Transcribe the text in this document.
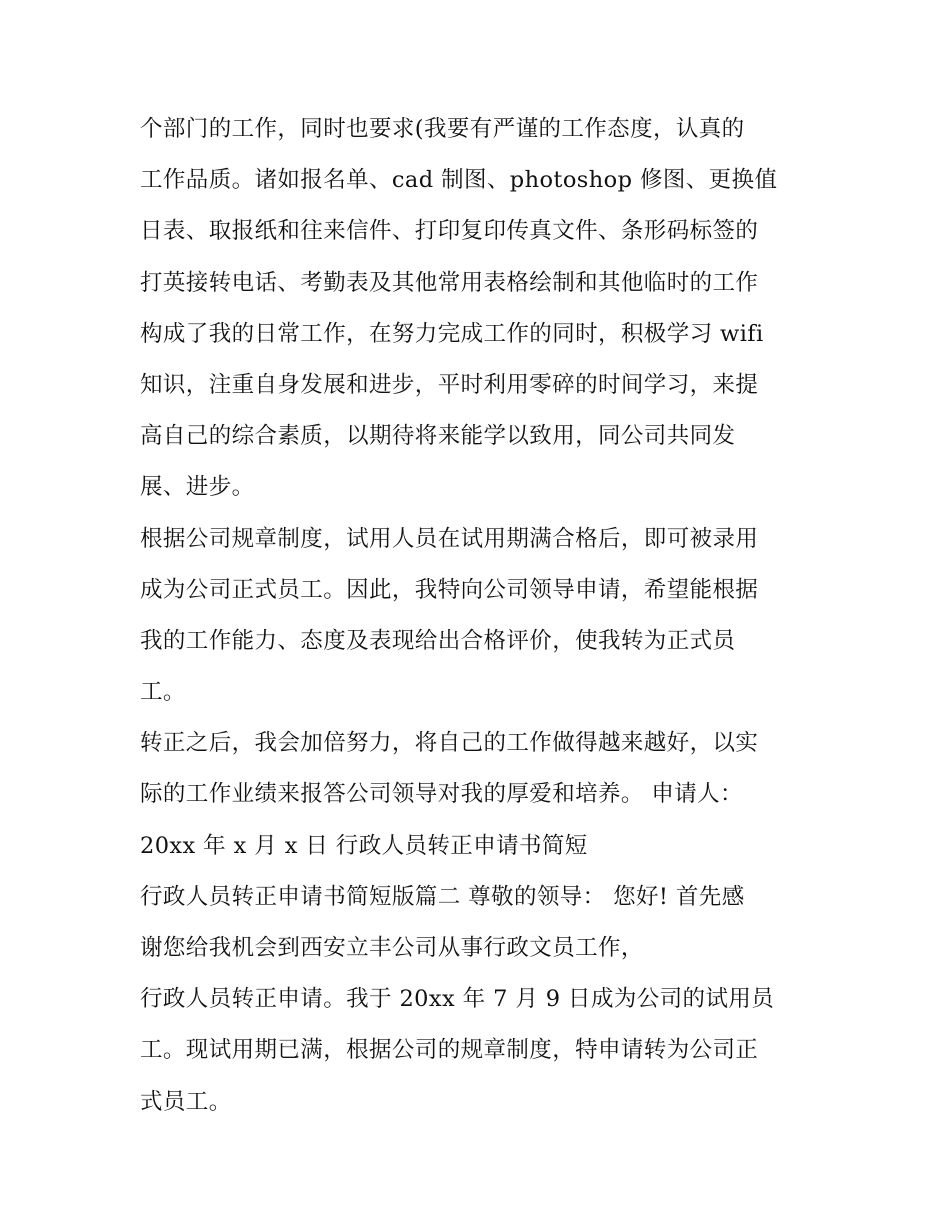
个部门的工作，同时也要求(我要有严谨的工作态度，认真的
工作品质。诸如报名单、cad 制图、photoshop 修图、更换值
日表、取报纸和往来信件、打印复印传真文件、条形码标签的
打英接转电话、考勤表及其他常用表格绘制和其他临时的工作
构成了我的日常工作，在努力完成工作的同时，积极学习 wifi
知识，注重自身发展和进步，平时利用零碎的时间学习，来提
高自己的综合素质，以期待将来能学以致用，同公司共同发
展、进步。
根据公司规章制度，试用人员在试用期满合格后，即可被录用
成为公司正式员工。因此，我特向公司领导申请，希望能根据
我的工作能力、态度及表现给出合格评价，使我转为正式员
工。
转正之后，我会加倍努力，将自己的工作做得越来越好，以实
际的工作业绩来报答公司领导对我的厚爱和培养。 申请人：
20xx 年 x 月 x 日 行政人员转正申请书简短
行政人员转正申请书简短版篇二 尊敬的领导： 您好! 首先感
谢您给我机会到西安立丰公司从事行政文员工作，
行政人员转正申请。我于 20xx 年 7 月 9 日成为公司的试用员
工。现试用期已满，根据公司的规章制度，特申请转为公司正
式员工。
